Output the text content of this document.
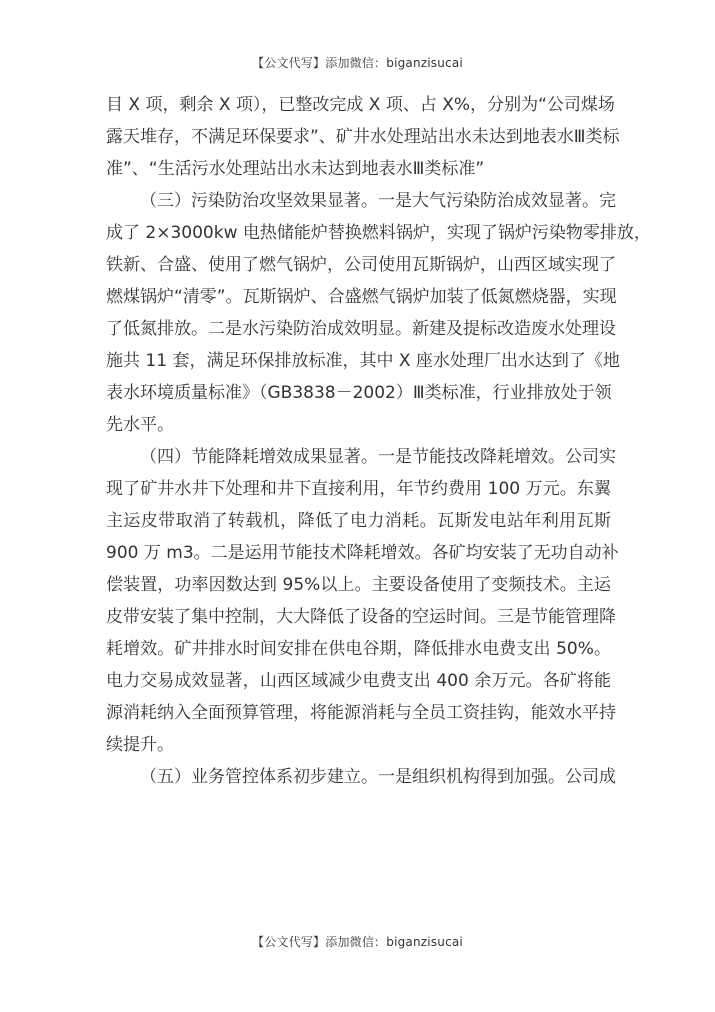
【公文代写】添加微信：biganzisucai

目 X 项，剩余 X 项），已整改完成 X 项、占 X%，分别为“公司煤场

露天堆存，不满足环保要求”、矿井水处理站出水未达到地表水Ⅲ类标

准”、“生活污水处理站出水未达到地表水Ⅲ类标准”

（三）污染防治攻坚效果显著。一是大气污染防治成效显著。完

成了 2×3000kw 电热储能炉替换燃料锅炉，实现了锅炉污染物零排放，

铁新、合盛、使用了燃气锅炉，公司使用瓦斯锅炉，山西区域实现了

燃煤锅炉“清零”。瓦斯锅炉、合盛燃气锅炉加装了低氮燃烧器，实现

了低氮排放。二是水污染防治成效明显。新建及提标改造废水处理设

施共 11 套，满足环保排放标准，其中 X 座水处理厂出水达到了《地

表水环境质量标准》（GB3838－2002）Ⅲ类标准，行业排放处于领

先水平。

（四）节能降耗增效成果显著。一是节能技改降耗增效。公司实

现了矿井水井下处理和井下直接利用，年节约费用 100 万元。东翼

主运皮带取消了转载机，降低了电力消耗。瓦斯发电站年利用瓦斯

900 万 m3。二是运用节能技术降耗增效。各矿均安装了无功自动补

偿装置，功率因数达到 95%以上。主要设备使用了变频技术。主运

皮带安装了集中控制，大大降低了设备的空运时间。三是节能管理降

耗增效。矿井排水时间安排在供电谷期，降低排水电费支出 50%。

电力交易成效显著，山西区域减少电费支出 400 余万元。各矿将能

源消耗纳入全面预算管理，将能源消耗与全员工资挂钩，能效水平持

续提升。

（五）业务管控体系初步建立。一是组织机构得到加强。公司成

【公文代写】添加微信：biganzisucai
